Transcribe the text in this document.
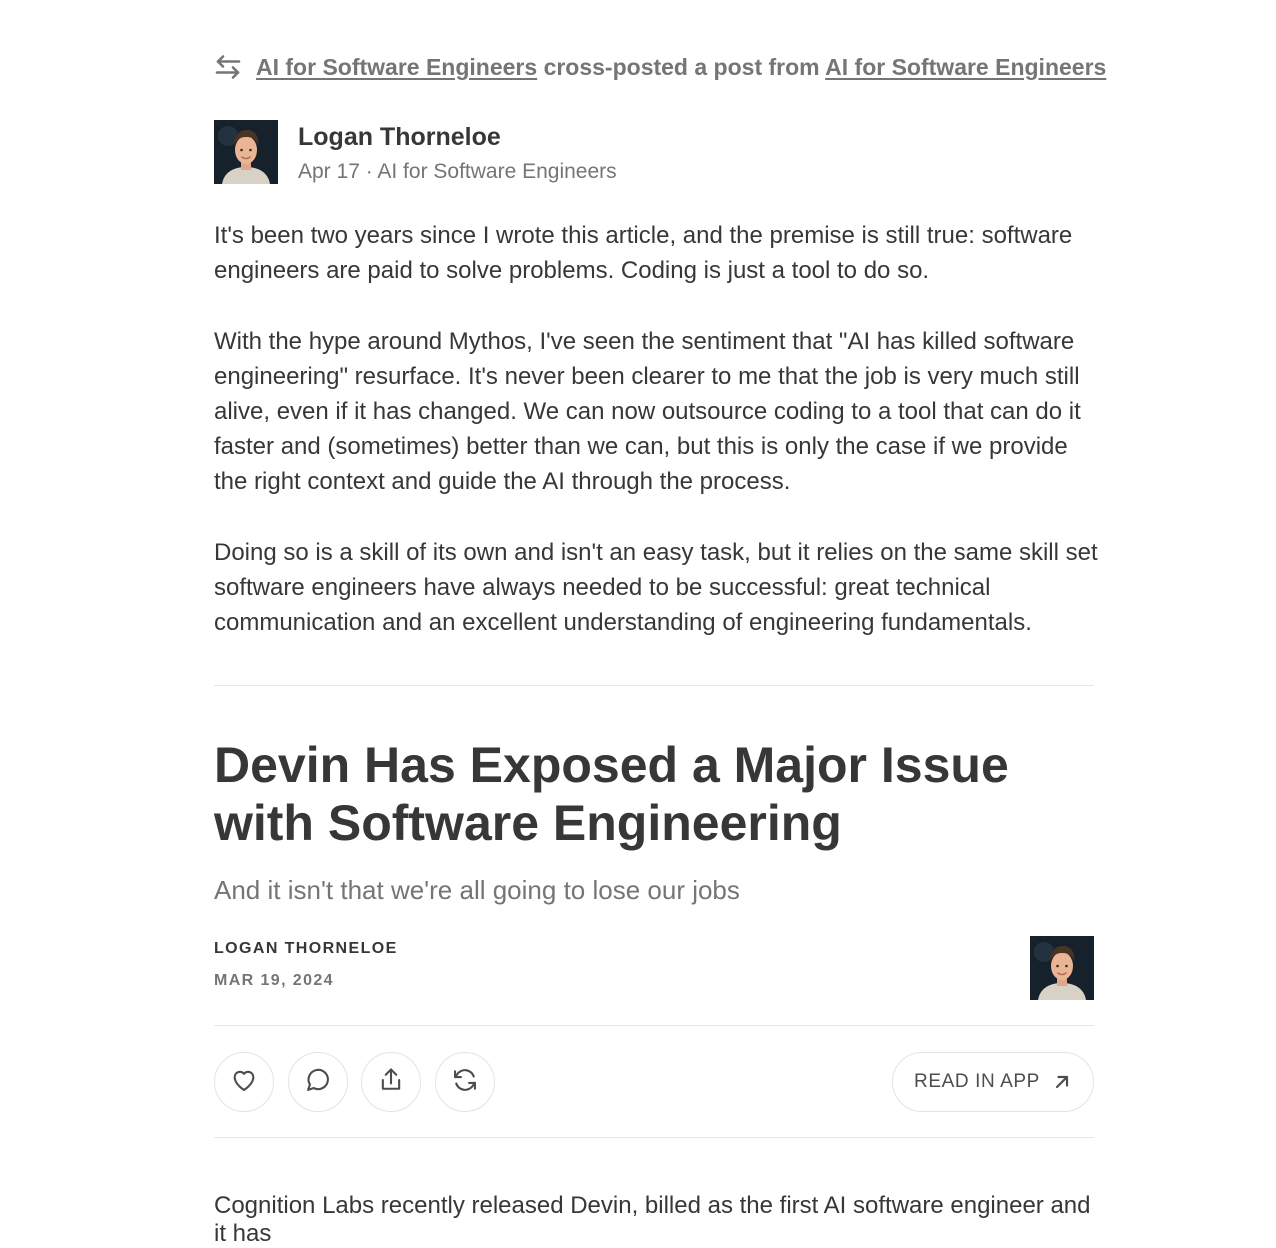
AI for Software Engineers cross-posted a post from AI for Software Engineers
Logan Thorneloe
Apr 17 · AI for Software Engineers

It's been two years since I wrote this article, and the premise is still true: software engineers are paid to solve problems. Coding is just a tool to do so.

With the hype around Mythos, I've seen the sentiment that "AI has killed software engineering" resurface. It's never been clearer to me that the job is very much still alive, even if it has changed. We can now outsource coding to a tool that can do it faster and (sometimes) better than we can, but this is only the case if we provide the right context and guide the AI through the process.

Doing so is a skill of its own and isn't an easy task, but it relies on the same skill set software engineers have always needed to be successful: great technical communication and an excellent understanding of engineering fundamentals.

Devin Has Exposed a Major Issue with Software Engineering
And it isn't that we're all going to lose our jobs
LOGAN THORNELOE
MAR 19, 2024
READ IN APP
Cognition Labs recently released Devin, billed as the first AI software engineer and it has
